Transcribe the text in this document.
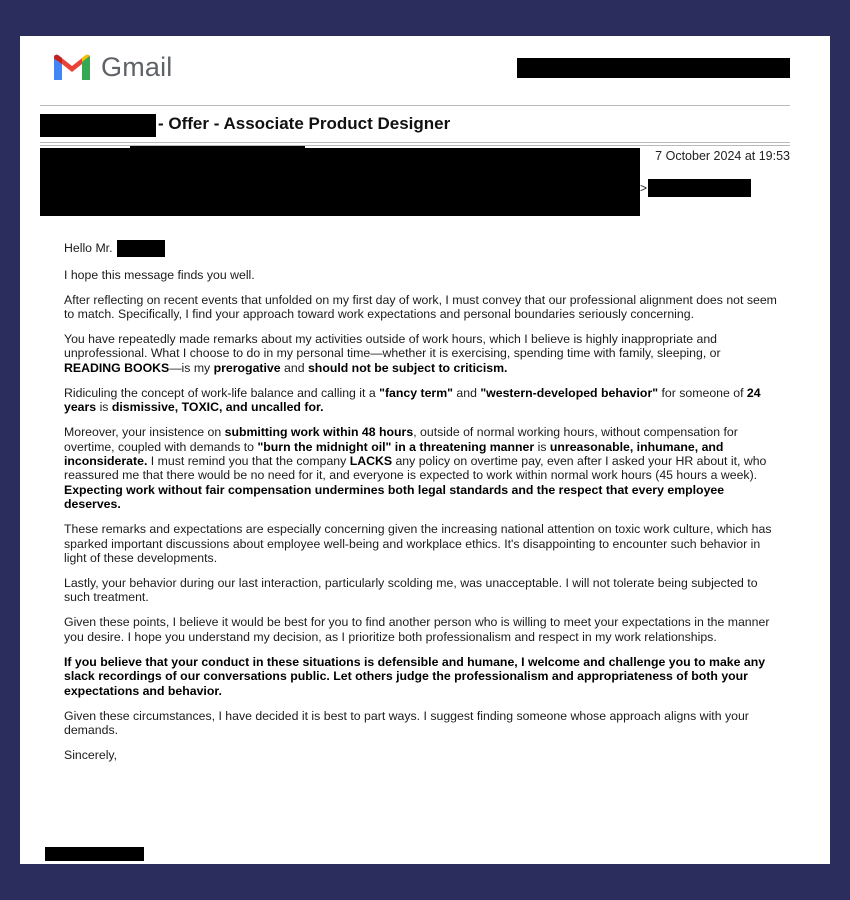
Gmail
- Offer - Associate Product Designer
7 October 2024 at 19:53
>

Hello Mr.

I hope this message finds you well.

After reflecting on recent events that unfolded on my first day of work, I must convey that our professional alignment does not seem to match. Specifically, I find your approach toward work expectations and personal boundaries seriously concerning.

You have repeatedly made remarks about my activities outside of work hours, which I believe is highly inappropriate and unprofessional. What I choose to do in my personal time—whether it is exercising, spending time with family, sleeping, or READING BOOKS—is my prerogative and should not be subject to criticism.

Ridiculing the concept of work-life balance and calling it a "fancy term" and "western-developed behavior" for someone of 24 years is dismissive, TOXIC, and uncalled for.

Moreover, your insistence on submitting work within 48 hours, outside of normal working hours, without compensation for overtime, coupled with demands to "burn the midnight oil" in a threatening manner is unreasonable, inhumane, and inconsiderate. I must remind you that the company LACKS any policy on overtime pay, even after I asked your HR about it, who reassured me that there would be no need for it, and everyone is expected to work within normal work hours (45 hours a week). Expecting work without fair compensation undermines both legal standards and the respect that every employee deserves.

These remarks and expectations are especially concerning given the increasing national attention on toxic work culture, which has sparked important discussions about employee well-being and workplace ethics. It's disappointing to encounter such behavior in light of these developments.

Lastly, your behavior during our last interaction, particularly scolding me, was unacceptable. I will not tolerate being subjected to such treatment.

Given these points, I believe it would be best for you to find another person who is willing to meet your expectations in the manner you desire. I hope you understand my decision, as I prioritize both professionalism and respect in my work relationships.

If you believe that your conduct in these situations is defensible and humane, I welcome and challenge you to make any slack recordings of our conversations public. Let others judge the professionalism and appropriateness of both your expectations and behavior.

Given these circumstances, I have decided it is best to part ways. I suggest finding someone whose approach aligns with your demands.

Sincerely,
